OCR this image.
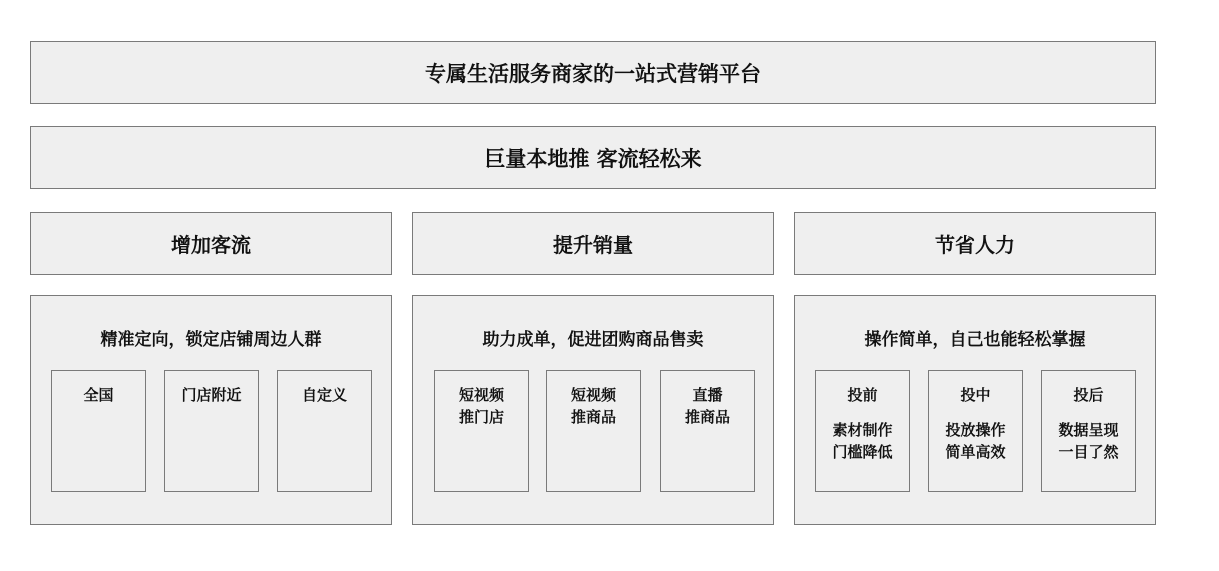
专属生活服务商家的一站式营销平台
巨量本地推 客流轻松来
增加客流
精准定向，锁定店铺周边人群
全国	门店附近	自定义
提升销量
助力成单，促进团购商品售卖
短视频
推门店
短视频
推商品
直播
推商品
节省人力
操作简单，自己也能轻松掌握
投前
素材制作
门槛降低
投中
投放操作
简单高效
投后
数据呈现
一目了然
